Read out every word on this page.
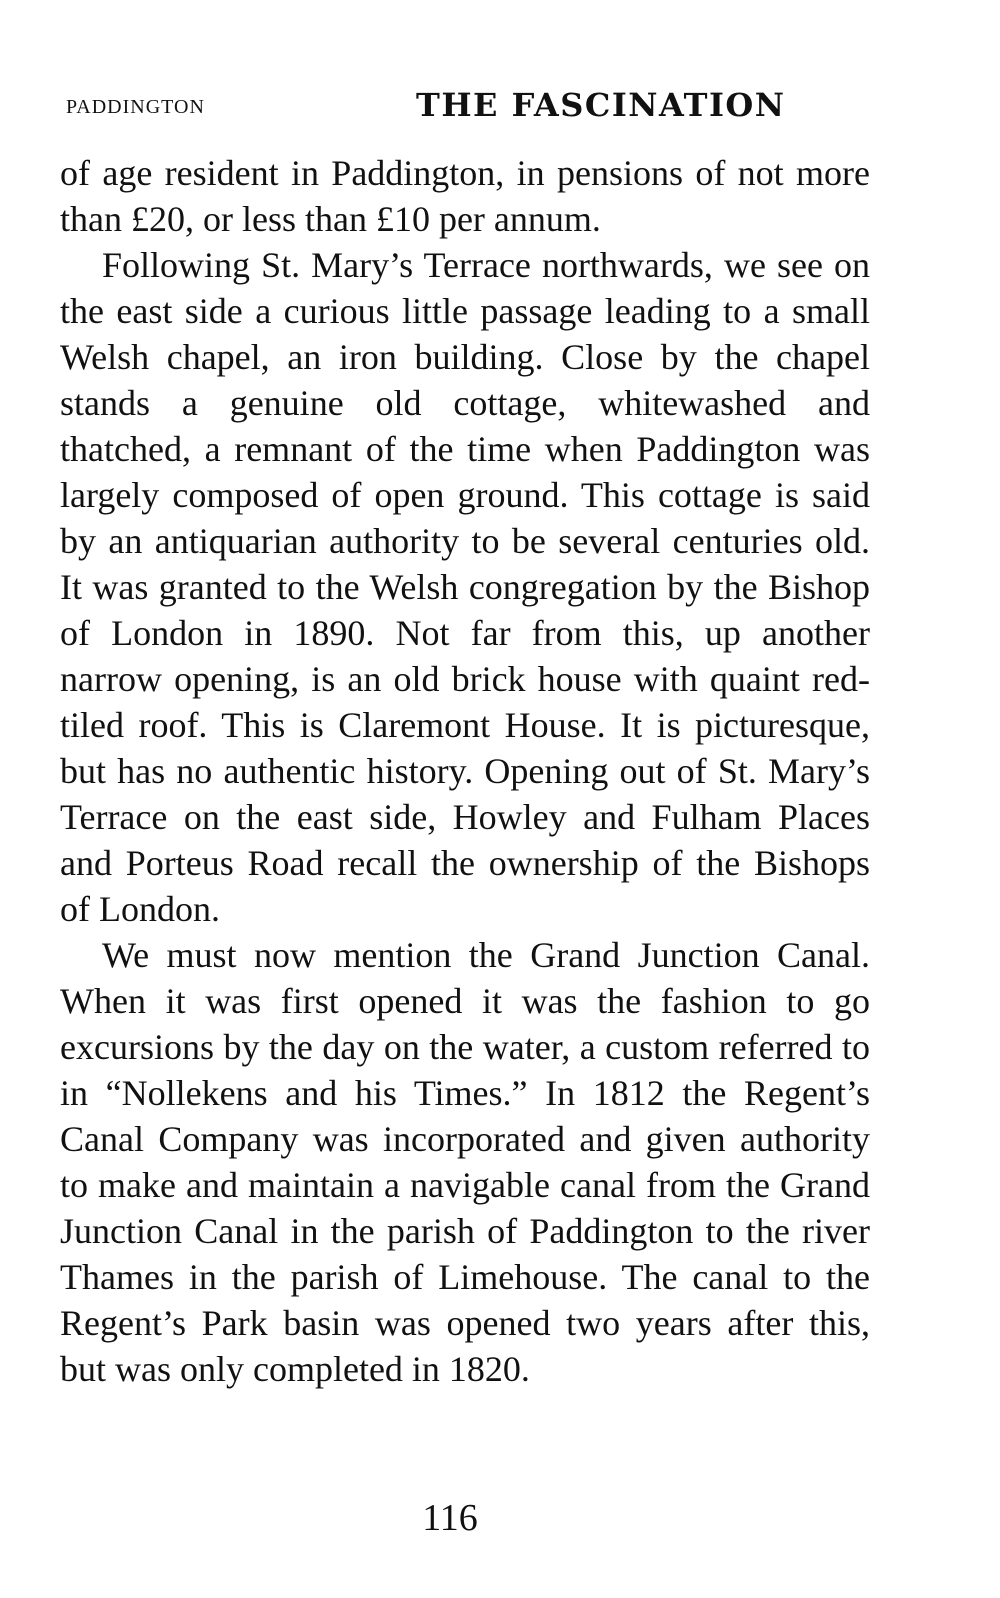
PADDINGTON	THE FASCINATION

of age resident in Paddington, in pensions of not more than £20, or less than £10 per annum.

Following St. Mary’s Terrace northwards, we see on the east side a curious little passage leading to a small Welsh chapel, an iron building. Close by the chapel stands a genuine old cottage, whitewashed and thatched, a remnant of the time when Paddington was largely composed of open ground. This cottage is said by an antiquarian authority to be several centuries old. It was granted to the Welsh congregation by the Bishop of London in 1890. Not far from this, up another narrow opening, is an old brick house with quaint red-tiled roof. This is Claremont House. It is picturesque, but has no authentic history. Opening out of St. Mary’s Terrace on the east side, Howley and Fulham Places and Porteus Road recall the ownership of the Bishops of London.

We must now mention the Grand Junction Canal. When it was first opened it was the fashion to go excursions by the day on the water, a custom referred to in “Nollekens and his Times.” In 1812 the Regent’s Canal Company was incorporated and given authority to make and maintain a navigable canal from the Grand Junction Canal in the parish of Paddington to the river Thames in the parish of Limehouse. The canal to the Regent’s Park basin was opened two years after this, but was only completed in 1820.

116
